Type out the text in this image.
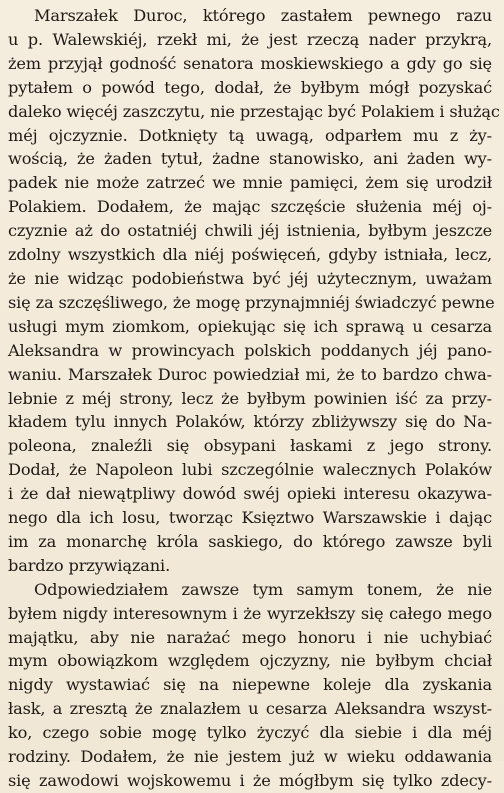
Marszałek Duroc, którego zastałem pewnego razu
u p. Walewskiéj, rzekł mi, że jest rzeczą nader przykrą,
żem przyjął godność senatora moskiewskiego a gdy go się
pytałem o powód tego, dodał, że byłbym mógł pozyskać
daleko więcéj zaszczytu, nie przestając być Polakiem i służąc
méj ojczyznie. Dotknięty tą uwagą, odparłem mu z ży-
wością, że żaden tytuł, żadne stanowisko, ani żaden wy-
padek nie może zatrzeć we mnie pamięci, żem się urodził
Polakiem. Dodałem, że mając szczęście służenia méj oj-
czyznie aż do ostatniéj chwili jéj istnienia, byłbym jeszcze
zdolny wszystkich dla niéj poświęceń, gdyby istniała, lecz,
że nie widząc podobieństwa być jéj użytecznym, uważam
się za szczęśliwego, że mogę przynajmniéj świadczyć pewne
usługi mym ziomkom, opiekując się ich sprawą u cesarza
Aleksandra w prowincyach polskich poddanych jéj pano-
waniu. Marszałek Duroc powiedział mi, że to bardzo chwa-
lebnie z méj strony, lecz że byłbym powinien iść za przy-
kładem tylu innych Polaków, którzy zbliżywszy się do Na-
poleona, znaleźli się obsypani łaskami z jego strony.
Dodał, że Napoleon lubi szczególnie walecznych Polaków
i że dał niewątpliwy dowód swéj opieki interesu okazywa-
nego dla ich losu, tworząc Księztwo Warszawskie i dając
im za monarchę króla saskiego, do którego zawsze byli
bardzo przywiązani.
Odpowiedziałem zawsze tym samym tonem, że nie
byłem nigdy interesownym i że wyrzekłszy się całego mego
majątku, aby nie narażać mego honoru i nie uchybiać
mym obowiązkom względem ojczyzny, nie byłbym chciał
nigdy wystawiać się na niepewne koleje dla zyskania
łask, a zresztą że znalazłem u cesarza Aleksandra wszyst-
ko, czego sobie mogę tylko życzyć dla siebie i dla méj
rodziny. Dodałem, że nie jestem już w wieku oddawania
się zawodowi wojskowemu i że mógłbym się tylko zdecy-
